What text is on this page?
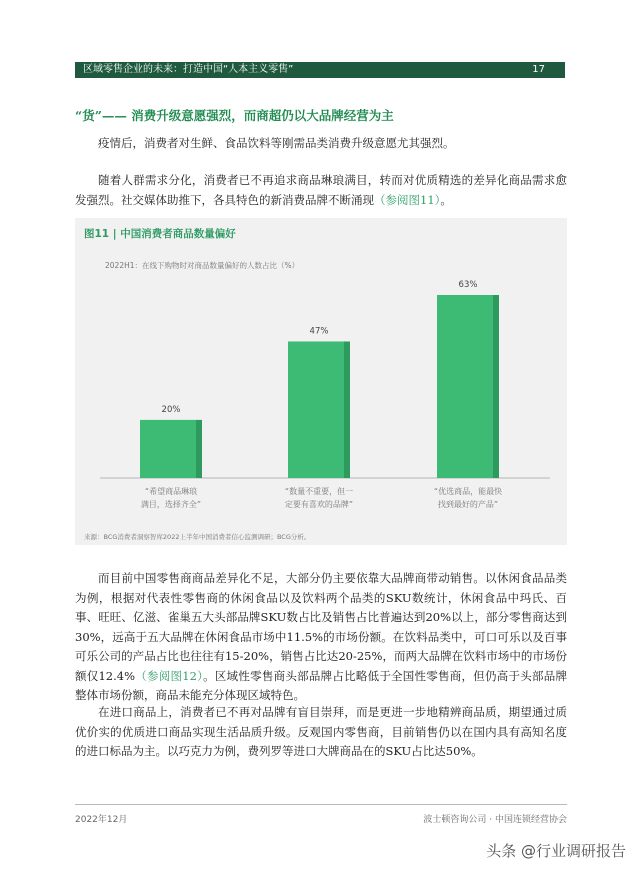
区域零售企业的未来：打造中国“人本主义零售”	17
“货”—— 消费升级意愿强烈，而商超仍以大品牌经营为主

疫情后，消费者对生鲜、食品饮料等刚需品类消费升级意愿尤其强烈。

随着人群需求分化，消费者已不再追求商品琳琅满目，转而对优质精选的差异化商品需求愈发强烈。社交媒体助推下，各具特色的新消费品牌不断涌现（参阅图11）。

图11 | 中国消费者商品数量偏好
2022H1：在线下购物时对商品数量偏好的人数占比（%）
20%
“希望商品琳琅
满目，选择齐全”
47%
“数量不重要，但一
定要有喜欢的品牌”
63%
“优选商品，能最快
找到最好的产品”
来源：BCG消费者洞察智库2022上半年中国消费者信心监测调研；BCG分析。

而目前中国零售商商品差异化不足，大部分仍主要依靠大品牌商带动销售。以休闲食品品类为例，根据对代表性零售商的休闲食品以及饮料两个品类的SKU数统计，休闲食品中玛氏、百事、旺旺、亿滋、雀巢五大头部品牌SKU数占比及销售占比普遍达到20%以上，部分零售商达到30%，远高于五大品牌在休闲食品市场中11.5%的市场份额。在饮料品类中，可口可乐以及百事可乐公司的产品占比也往往有15-20%，销售占比达20-25%，而两大品牌在饮料市场中的市场份额仅12.4%（参阅图12）。区域性零售商头部品牌占比略低于全国性零售商，但仍高于头部品牌整体市场份额，商品未能充分体现区域特色。

在进口商品上，消费者已不再对品牌有盲目崇拜，而是更进一步地精辨商品质，期望通过质优价实的优质进口商品实现生活品质升级。反观国内零售商，目前销售仍以在国内具有高知名度的进口标品为主。以巧克力为例，费列罗等进口大牌商品在的SKU占比达50%。

2022年12月	波士顿咨询公司 · 中国连锁经营协会
头条 @行业调研报告
